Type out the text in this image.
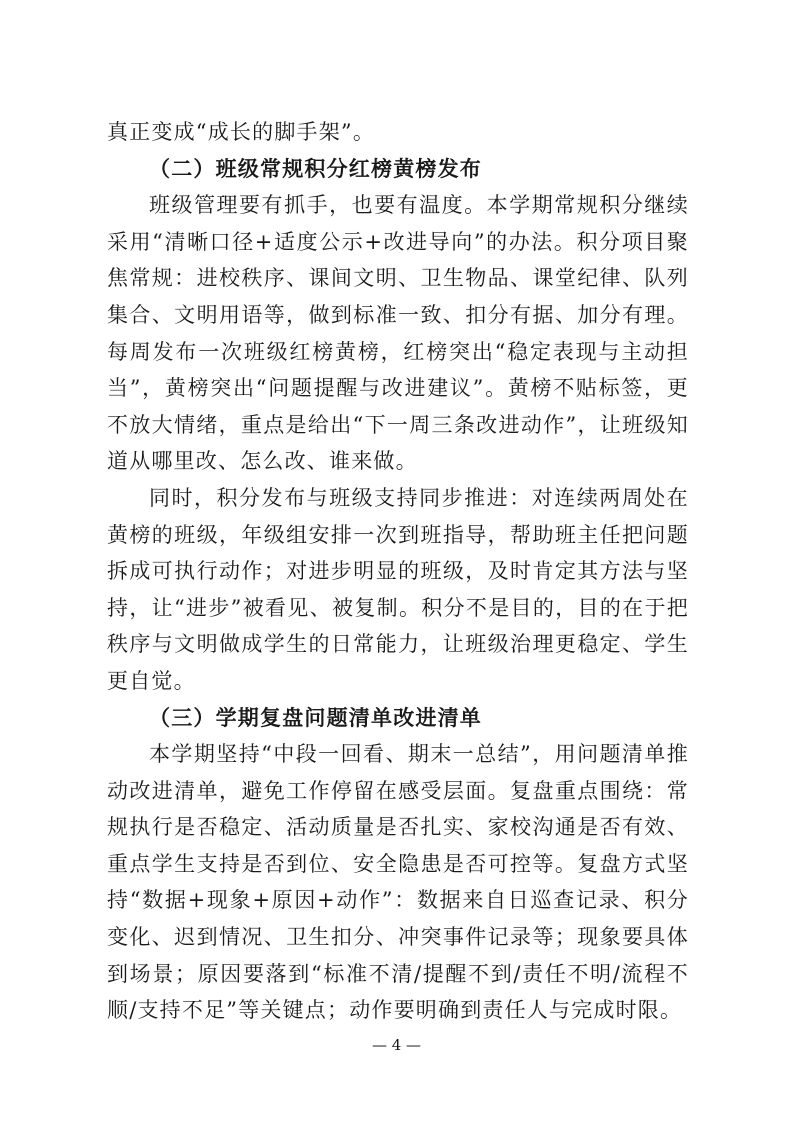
真正变成“成长的脚手架”。

（二）班级常规积分红榜黄榜发布

班级管理要有抓手，也要有温度。本学期常规积分继续采用“清晰口径+适度公示+改进导向”的办法。积分项目聚焦常规：进校秩序、课间文明、卫生物品、课堂纪律、队列集合、文明用语等，做到标准一致、扣分有据、加分有理。每周发布一次班级红榜黄榜，红榜突出“稳定表现与主动担当”，黄榜突出“问题提醒与改进建议”。黄榜不贴标签，更不放大情绪，重点是给出“下一周三条改进动作”，让班级知道从哪里改、怎么改、谁来做。

同时，积分发布与班级支持同步推进：对连续两周处在黄榜的班级，年级组安排一次到班指导，帮助班主任把问题拆成可执行动作；对进步明显的班级，及时肯定其方法与坚持，让“进步”被看见、被复制。积分不是目的，目的在于把秩序与文明做成学生的日常能力，让班级治理更稳定、学生更自觉。

（三）学期复盘问题清单改进清单

本学期坚持“中段一回看、期末一总结”，用问题清单推动改进清单，避免工作停留在感受层面。复盘重点围绕：常规执行是否稳定、活动质量是否扎实、家校沟通是否有效、重点学生支持是否到位、安全隐患是否可控等。复盘方式坚持“数据+现象+原因+动作”：数据来自日巡查记录、积分变化、迟到情况、卫生扣分、冲突事件记录等；现象要具体到场景；原因要落到“标准不清/提醒不到/责任不明/流程不顺/支持不足”等关键点；动作要明确到责任人与完成时限。

— 4 —
